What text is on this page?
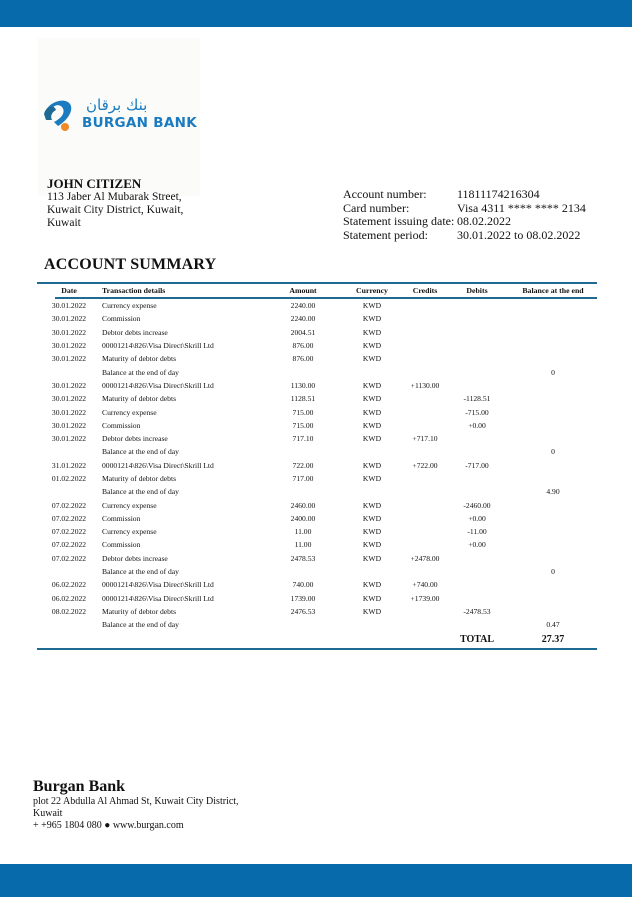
بنك برقان
BURGAN BANK
JOHN CITIZEN
113 Jaber Al Mubarak Street,
Kuwait City District, Kuwait,
Kuwait
Account number:	11811174216304
Card number:	Visa 4311 **** **** 2134
Statement issuing date: 08.02.2022
Statement period:	30.01.2022 to 08.02.2022
ACCOUNT SUMMARY
Date	Transaction details	Amount	Currency	Credits	Debits	Balance at the end
30.01.2022	Currency expense	2240.00	KWD			
30.01.2022	Commission	2240.00	KWD			
30.01.2022	Debtor debts increase	2004.51	KWD			
30.01.2022	00001214\826\Visa Direct\Skrill Ltd	876.00	KWD			
30.01.2022	Maturity of debtor debts	876.00	KWD			
	Balance at the end of day					0
30.01.2022	00001214\826\Visa Direct\Skrill Ltd	1130.00	KWD	+1130.00		
30.01.2022	Maturity of debtor debts	1128.51	KWD		-1128.51	
30.01.2022	Currency expense	715.00	KWD		-715.00	
30.01.2022	Commission	715.00	KWD		+0.00	
30.01.2022	Debtor debts increase	717.10	KWD	+717.10		
	Balance at the end of day					0
31.01.2022	00001214\826\Visa Direct\Skrill Ltd	722.00	KWD	+722.00	-717.00	
01.02.2022	Maturity of debtor debts	717.00	KWD			
	Balance at the end of day					4.90
07.02.2022	Currency expense	2460.00	KWD		-2460.00	
07.02.2022	Commission	2400.00	KWD		+0.00	
07.02.2022	Currency expense	11.00	KWD		-11.00	
07.02.2022	Commission	11.00	KWD		+0.00	
07.02.2022	Debtor debts increase	2478.53	KWD	+2478.00		
	Balance at the end of day					0
06.02.2022	00001214\826\Visa Direct\Skrill Ltd	740.00	KWD	+740.00		
06.02.2022	00001214\826\Visa Direct\Skrill Ltd	1739.00	KWD	+1739.00		
08.02.2022	Maturity of debtor debts	2476.53	KWD		-2478.53	
	Balance at the end of day					0.47
					TOTAL	27.37
Burgan Bank
plot 22 Abdulla Al Ahmad St, Kuwait City District,
Kuwait
+ +965 1804 080 ● www.burgan.com
